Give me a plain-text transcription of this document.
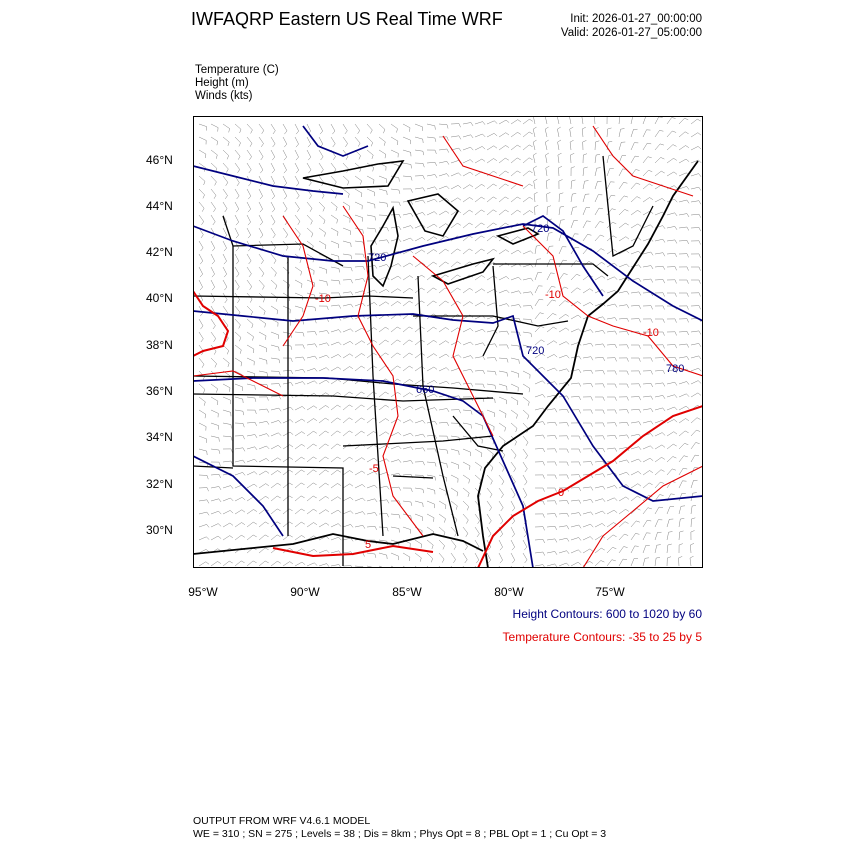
IWFAQRP Eastern US Real Time WRF	Init: 2026-01-27_00:00:00
Valid: 2026-01-27_05:00:00
Temperature (C)
Height (m)
Winds (kts)
720
720
780
660
720
-10
-10
-10
-5
0
5
46°N
44°N
42°N
40°N
38°N
36°N
34°N
32°N
30°N
95°W	90°W	85°W	80°W	75°W
Height Contours: 600 to 1020 by 60
Temperature Contours: -35 to 25 by 5
OUTPUT FROM WRF V4.6.1 MODEL
WE = 310 ; SN = 275 ; Levels = 38 ; Dis = 8km ; Phys Opt = 8 ; PBL Opt = 1 ; Cu Opt = 3
